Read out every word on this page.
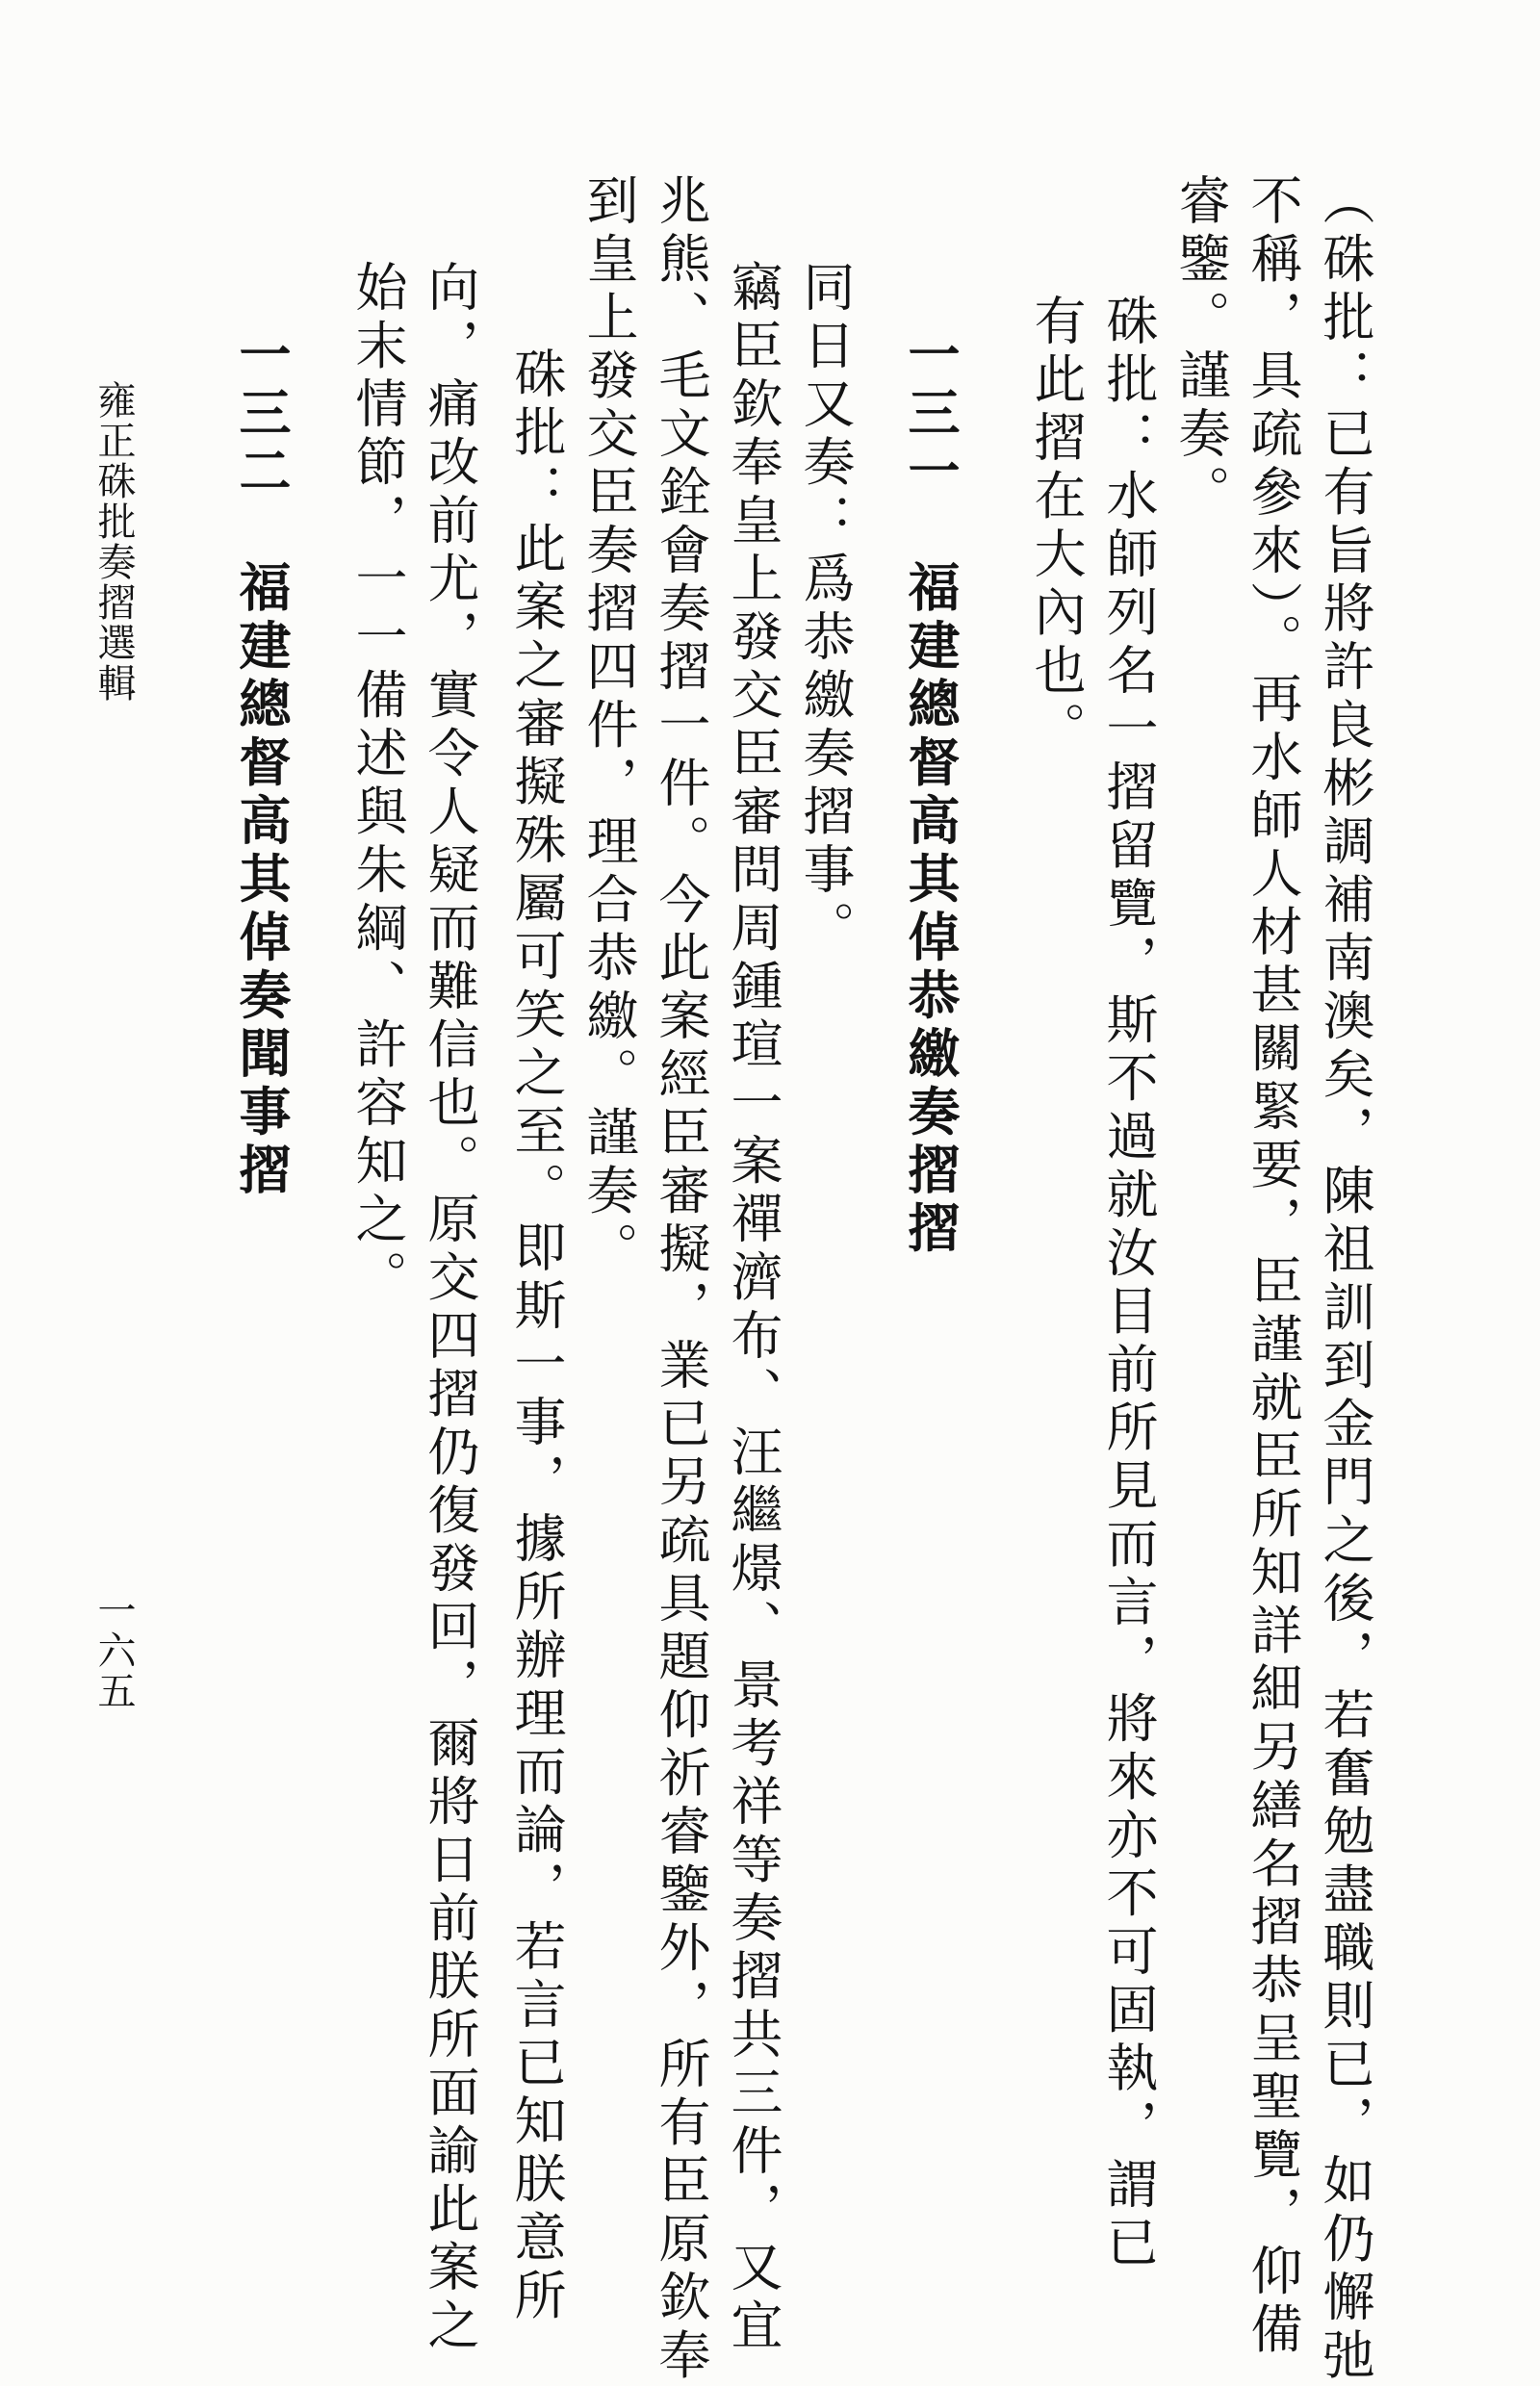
一六五
雍正硃批奏摺選輯	（硃批：已有旨將許良彬調補南澳矣，陳祖訓到金門之後，若奮勉盡職則已，如仍懈弛
不稱，具疏參來）。再水師人材甚關緊要，臣謹就臣所知詳細另繕名摺恭呈聖覽，仰備
睿鑒。謹奏。
硃批：水師列名一摺留覽，斯不過就汝目前所見而言，將來亦不可固執，謂已
有此摺在大內也。
一三一　福建總督高其倬恭繳奏摺摺
同日又奏：爲恭繳奏摺事。
竊臣欽奉皇上發交臣審問周鍾瑄一案禪濟布、汪繼燝、景考祥等奏摺共三件，又宜
兆熊、毛文銓會奏摺一件。今此案經臣審擬，業已另疏具題仰祈睿鑒外，所有臣原欽奉
到皇上發交臣奏摺四件，理合恭繳。謹奏。
硃批：此案之審擬殊屬可笑之至。即斯一事，據所辦理而論，若言已知朕意所
向，痛改前尤，實令人疑而難信也。原交四摺仍復發回，爾將日前朕所面諭此案之
始末情節，一一備述與朱綱、許容知之。
一三二　福建總督高其倬奏聞事摺
